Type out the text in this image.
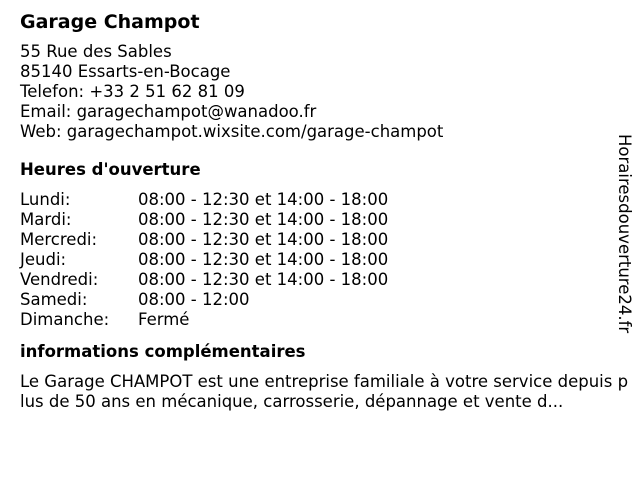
Garage Champot
55 Rue des Sables
85140 Essarts-en-Bocage
Telefon: +33 2 51 62 81 09
Email: garagechampot@wanadoo.fr
Web: garagechampot.wixsite.com/garage-champot
Heures d'ouverture
Lundi:	08:00 - 12:30 et 14:00 - 18:00
Mardi:	08:00 - 12:30 et 14:00 - 18:00
Mercredi:	08:00 - 12:30 et 14:00 - 18:00
Jeudi:	08:00 - 12:30 et 14:00 - 18:00
Vendredi:	08:00 - 12:30 et 14:00 - 18:00
Samedi:	08:00 - 12:00
Dimanche:	Fermé
informations complémentaires
Le Garage CHAMPOT est une entreprise familiale à votre service depuis plus de 50 ans en mécanique, carrosserie, dépannage et vente d...
Horairesdouverture24.fr
